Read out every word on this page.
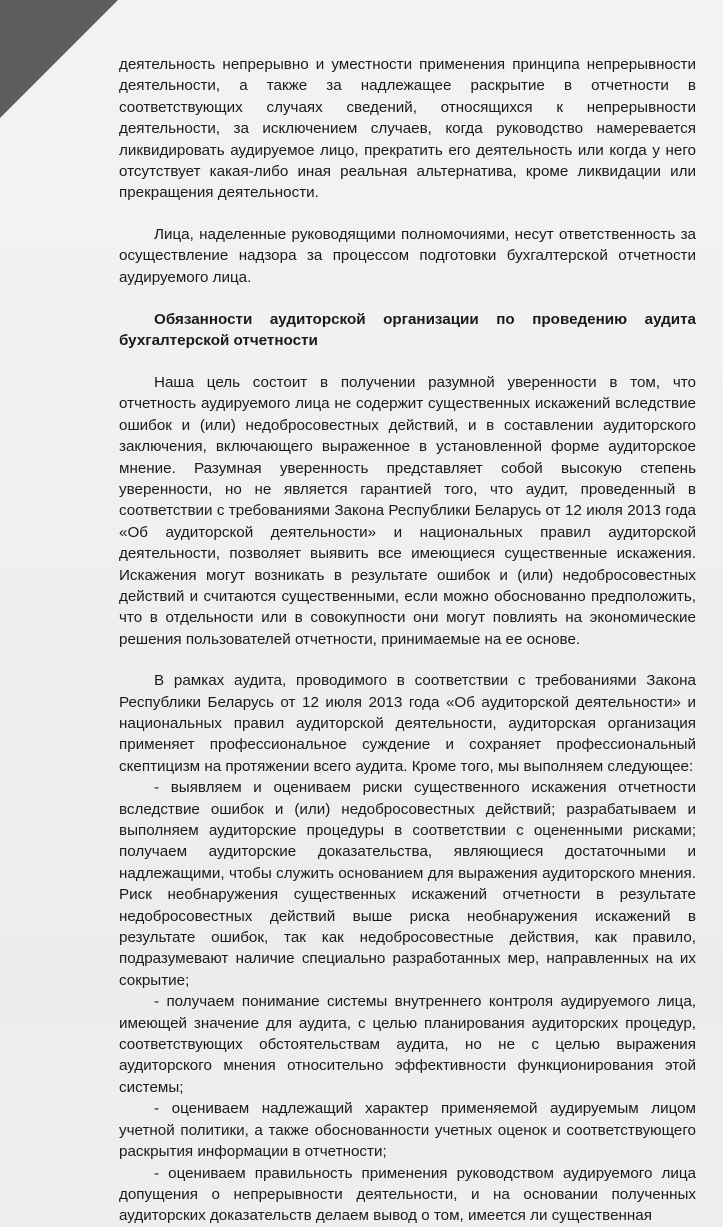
деятельность непрерывно и уместности применения принципа непрерывности деятельности, а также за надлежащее раскрытие в отчетности в соответствующих случаях сведений, относящихся к непрерывности деятельности, за исключением случаев, когда руководство намеревается ликвидировать аудируемое лицо, прекратить его деятельность или когда у него отсутствует какая-либо иная реальная альтернатива, кроме ликвидации или прекращения деятельности.

Лица, наделенные руководящими полномочиями, несут ответственность за осуществление надзора за процессом подготовки бухгалтерской отчетности аудируемого лица.

Обязанности аудиторской организации по проведению аудита бухгалтерской отчетности

Наша цель состоит в получении разумной уверенности в том, что отчетность аудируемого лица не содержит существенных искажений вследствие ошибок и (или) недобросовестных действий, и в составлении аудиторского заключения, включающего выраженное в установленной форме аудиторское мнение. Разумная уверенность представляет собой высокую степень уверенности, но не является гарантией того, что аудит, проведенный в соответствии с требованиями Закона Республики Беларусь от 12 июля 2013 года «Об аудиторской деятельности» и национальных правил аудиторской деятельности, позволяет выявить все имеющиеся существенные искажения. Искажения могут возникать в результате ошибок и (или) недобросовестных действий и считаются существенными, если можно обоснованно предположить, что в отдельности или в совокупности они могут повлиять на экономические решения пользователей отчетности, принимаемые на ее основе.

В рамках аудита, проводимого в соответствии с требованиями Закона Республики Беларусь от 12 июля 2013 года «Об аудиторской деятельности» и национальных правил аудиторской деятельности, аудиторская организация применяет профессиональное суждение и сохраняет профессиональный скептицизм на протяжении всего аудита. Кроме того, мы выполняем следующее:

- выявляем и оцениваем риски существенного искажения отчетности вследствие ошибок и (или) недобросовестных действий; разрабатываем и выполняем аудиторские процедуры в соответствии с оцененными рисками; получаем аудиторские доказательства, являющиеся достаточными и надлежащими, чтобы служить основанием для выражения аудиторского мнения. Риск необнаружения существенных искажений отчетности в результате недобросовестных действий выше риска необнаружения искажений в результате ошибок, так как недобросовестные действия, как правило, подразумевают наличие специально разработанных мер, направленных на их сокрытие;

- получаем понимание системы внутреннего контроля аудируемого лица, имеющей значение для аудита, с целью планирования аудиторских процедур, соответствующих обстоятельствам аудита, но не с целью выражения аудиторского мнения относительно эффективности функционирования этой системы;

- оцениваем надлежащий характер применяемой аудируемым лицом учетной политики, а также обоснованности учетных оценок и соответствующего раскрытия информации в отчетности;

- оцениваем правильность применения руководством аудируемого лица допущения о непрерывности деятельности, и на основании полученных аудиторских доказательств делаем вывод о том, имеется ли существенная
